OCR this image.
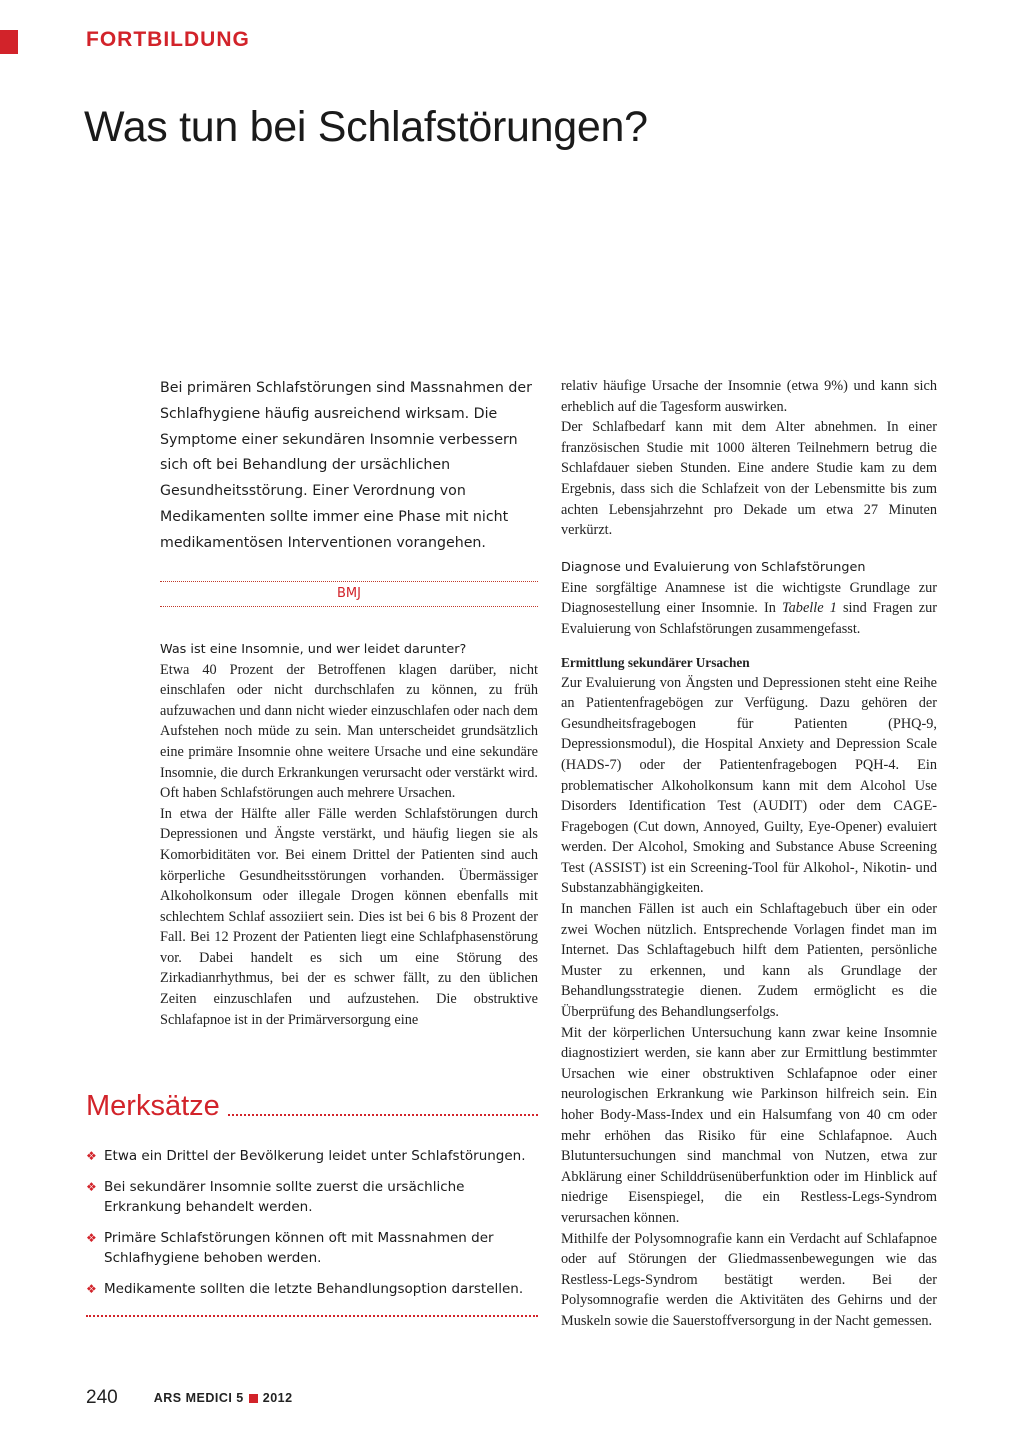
FORTBILDUNG
Was tun bei Schlafstörungen?

Bei primären Schlafstörungen sind Massnahmen der Schlafhygiene häufig ausreichend wirksam. Die Symptome einer sekundären Insomnie verbessern sich oft bei Behandlung der ursächlichen Gesundheitsstörung. Einer Verordnung von Medikamenten sollte immer eine Phase mit nicht medikamentösen Interventionen vorangehen.

BMJ

Was ist eine Insomnie, und wer leidet darunter?

Etwa 40 Prozent der Betroffenen klagen darüber, nicht einschlafen oder nicht durchschlafen zu können, zu früh aufzuwachen und dann nicht wieder einzuschlafen oder nach dem Aufstehen noch müde zu sein. Man unterscheidet grundsätzlich eine primäre Insomnie ohne weitere Ursache und eine sekundäre Insomnie, die durch Erkrankungen verursacht oder verstärkt wird. Oft haben Schlafstörungen auch mehrere Ursachen.

In etwa der Hälfte aller Fälle werden Schlafstörungen durch Depressionen und Ängste verstärkt, und häufig liegen sie als Komorbiditäten vor. Bei einem Drittel der Patienten sind auch körperliche Gesundheitsstörungen vorhanden. Übermässiger Alkoholkonsum oder illegale Drogen können ebenfalls mit schlechtem Schlaf assoziiert sein. Dies ist bei 6 bis 8 Prozent der Fall. Bei 12 Prozent der Patienten liegt eine Schlafphasenstörung vor. Dabei handelt es sich um eine Störung des Zirkadianrhythmus, bei der es schwer fällt, zu den üblichen Zeiten einzuschlafen und aufzustehen. Die obstruktive Schlafapnoe ist in der Primärversorgung eine

relativ häufige Ursache der Insomnie (etwa 9%) und kann sich erheblich auf die Tagesform auswirken.

Der Schlafbedarf kann mit dem Alter abnehmen. In einer französischen Studie mit 1000 älteren Teilnehmern betrug die Schlafdauer sieben Stunden. Eine andere Studie kam zu dem Ergebnis, dass sich die Schlafzeit von der Lebensmitte bis zum achten Lebensjahrzehnt pro Dekade um etwa 27 Minuten verkürzt.

Diagnose und Evaluierung von Schlafstörungen

Eine sorgfältige Anamnese ist die wichtigste Grundlage zur Diagnosestellung einer Insomnie. In Tabelle 1 sind Fragen zur Evaluierung von Schlafstörungen zusammengefasst.

Ermittlung sekundärer Ursachen

Zur Evaluierung von Ängsten und Depressionen steht eine Reihe an Patientenfragebögen zur Verfügung. Dazu gehören der Gesundheitsfragebogen für Patienten (PHQ-9, Depressionsmodul), die Hospital Anxiety and Depression Scale (HADS-7) oder der Patientenfragebogen PQH-4. Ein problematischer Alkoholkonsum kann mit dem Alcohol Use Disorders Identification Test (AUDIT) oder dem CAGE-Fragebogen (Cut down, Annoyed, Guilty, Eye-Opener) evaluiert werden. Der Alcohol, Smoking and Substance Abuse Screening Test (ASSIST) ist ein Screening-Tool für Alkohol-, Nikotin- und Substanzabhängigkeiten.

In manchen Fällen ist auch ein Schlaftagebuch über ein oder zwei Wochen nützlich. Entsprechende Vorlagen findet man im Internet. Das Schlaftagebuch hilft dem Patienten, persönliche Muster zu erkennen, und kann als Grundlage der Behandlungsstrategie dienen. Zudem ermöglicht es die Überprüfung des Behandlungserfolgs.

Mit der körperlichen Untersuchung kann zwar keine Insomnie diagnostiziert werden, sie kann aber zur Ermittlung bestimmter Ursachen wie einer obstruktiven Schlafapnoe oder einer neurologischen Erkrankung wie Parkinson hilfreich sein. Ein hoher Body-Mass-Index und ein Halsumfang von 40 cm oder mehr erhöhen das Risiko für eine Schlafapnoe. Auch Blutuntersuchungen sind manchmal von Nutzen, etwa zur Abklärung einer Schilddrüsenüberfunktion oder im Hinblick auf niedrige Eisenspiegel, die ein Restless-Legs-Syndrom verursachen können.

Mithilfe der Polysomnografie kann ein Verdacht auf Schlafapnoe oder auf Störungen der Gliedmassenbewegungen wie das Restless-Legs-Syndrom bestätigt werden. Bei der Polysomnografie werden die Aktivitäten des Gehirns und der Muskeln sowie die Sauerstoffversorgung in der Nacht gemessen.

Merksätze
❖ Etwa ein Drittel der Bevölkerung leidet unter Schlafstörungen.
❖ Bei sekundärer Insomnie sollte zuerst die ursächliche Erkrankung behandelt werden.
❖ Primäre Schlafstörungen können oft mit Massnahmen der Schlafhygiene behoben werden.
❖ Medikamente sollten die letzte Behandlungsoption darstellen.
240	ARS MEDICI 5 2012
